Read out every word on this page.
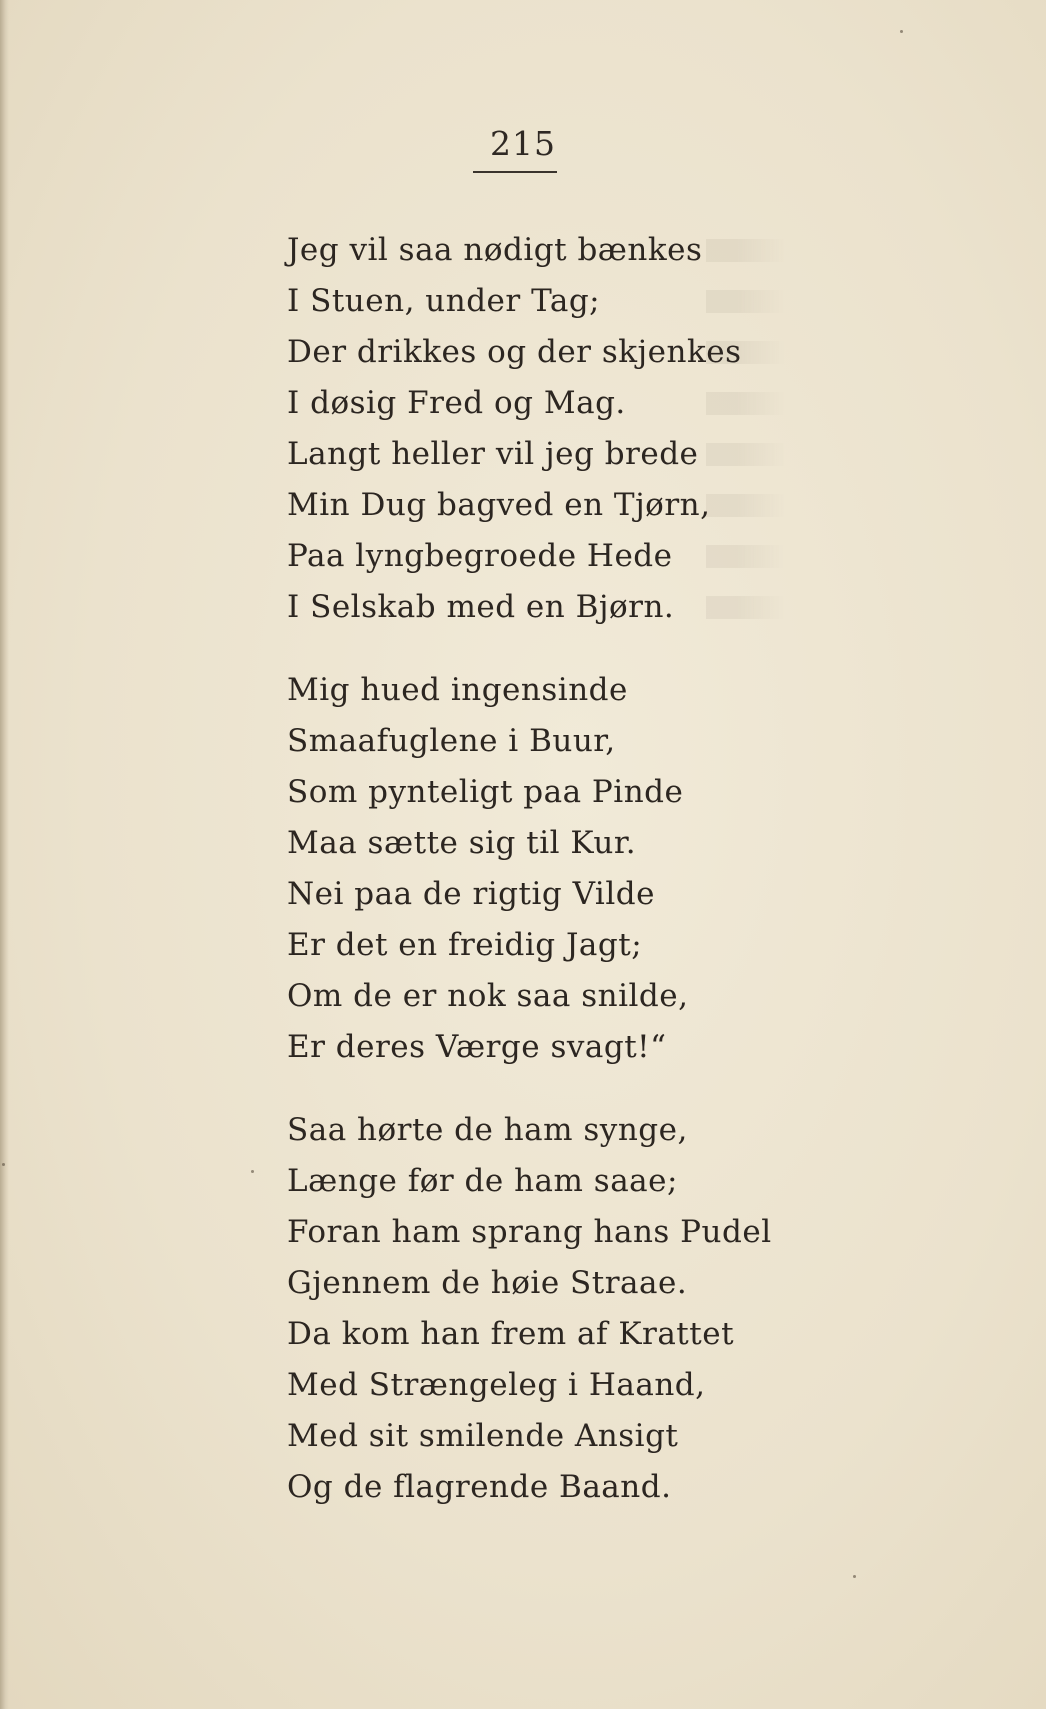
215
Jeg vil saa nødigt bænkes
I Stuen, under Tag;
Der drikkes og der skjenkes
I døsig Fred og Mag.
Langt heller vil jeg brede
Min Dug bagved en Tjørn,
Paa lyngbegroede Hede
I Selskab med en Bjørn.
Mig hued ingensinde
Smaafuglene i Buur,
Som pynteligt paa Pinde
Maa sætte sig til Kur.
Nei paa de rigtig Vilde
Er det en freidig Jagt;
Om de er nok saa snilde,
Er deres Værge svagt!“
Saa hørte de ham synge,
Længe før de ham saae;
Foran ham sprang hans Pudel
Gjennem de høie Straae.
Da kom han frem af Krattet
Med Strængeleg i Haand,
Med sit smilende Ansigt
Og de flagrende Baand.
